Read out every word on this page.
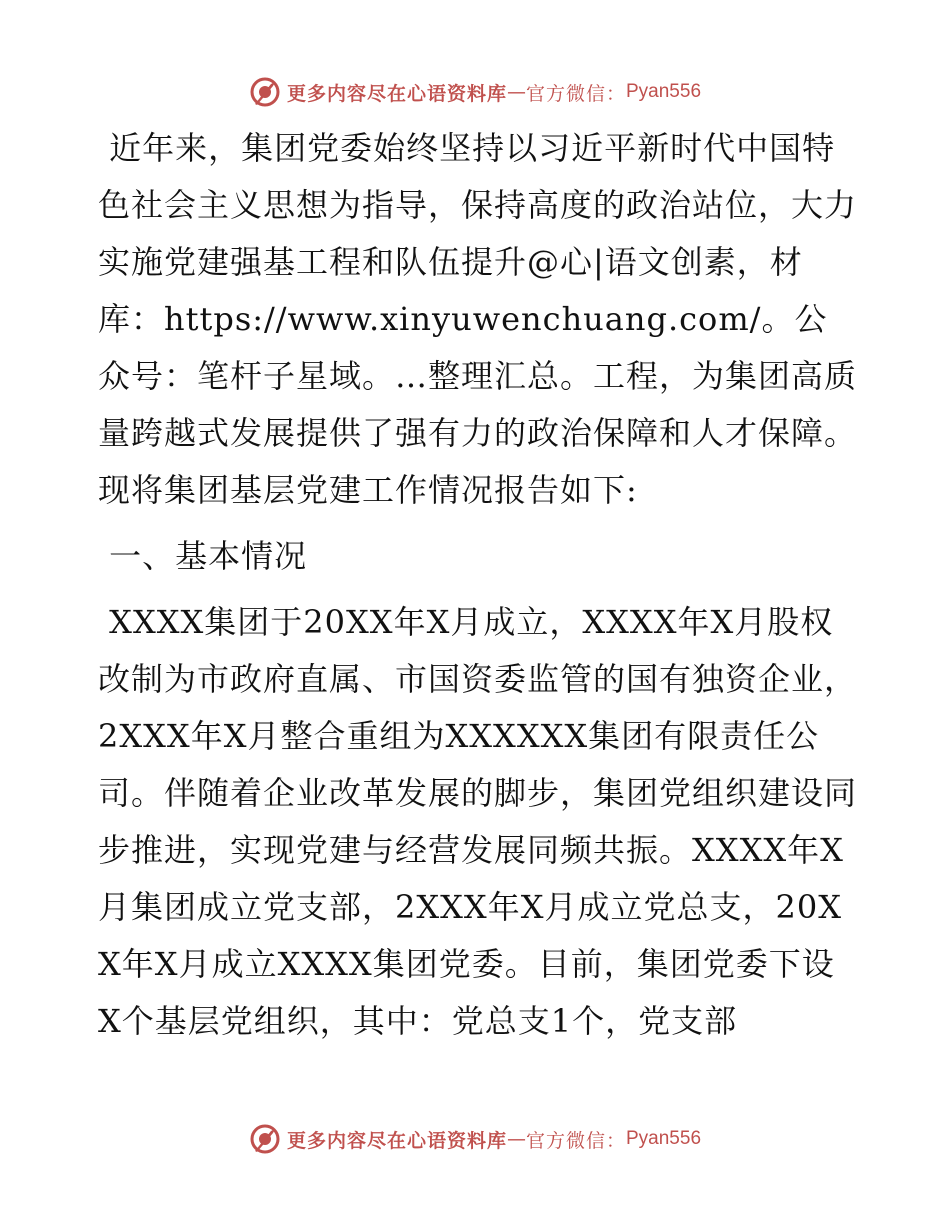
更多内容尽在心语资料库 — 官方微信： Pyan556

近年来，集团党委始终坚持以习近平新时代中国特色社会主义思想为指导，保持高度的政治站位，大力实施党建强基工程和队伍提升@心|语文创素，材库：https://www.xinyuwenchuang.com/。公众号：笔杆子星域。…整理汇总。工程，为集团高质量跨越式发展提供了强有力的政治保障和人才保障。现将集团基层党建工作情况报告如下:

一、基本情况

XXXX集团于20XX年X月成立，XXXX年X月股权改制为市政府直属、市国资委监管的国有独资企业，2XXX年X月整合重组为XXXXXX集团有限责任公司。伴随着企业改革发展的脚步，集团党组织建设同步推进，实现党建与经营发展同频共振。XXXX年X月集团成立党支部，2XXX年X月成立党总支，20XX年X月成立XXXX集团党委。目前，集团党委下设X个基层党组织，其中：党总支1个，党支部

更多内容尽在心语资料库 — 官方微信： Pyan556
